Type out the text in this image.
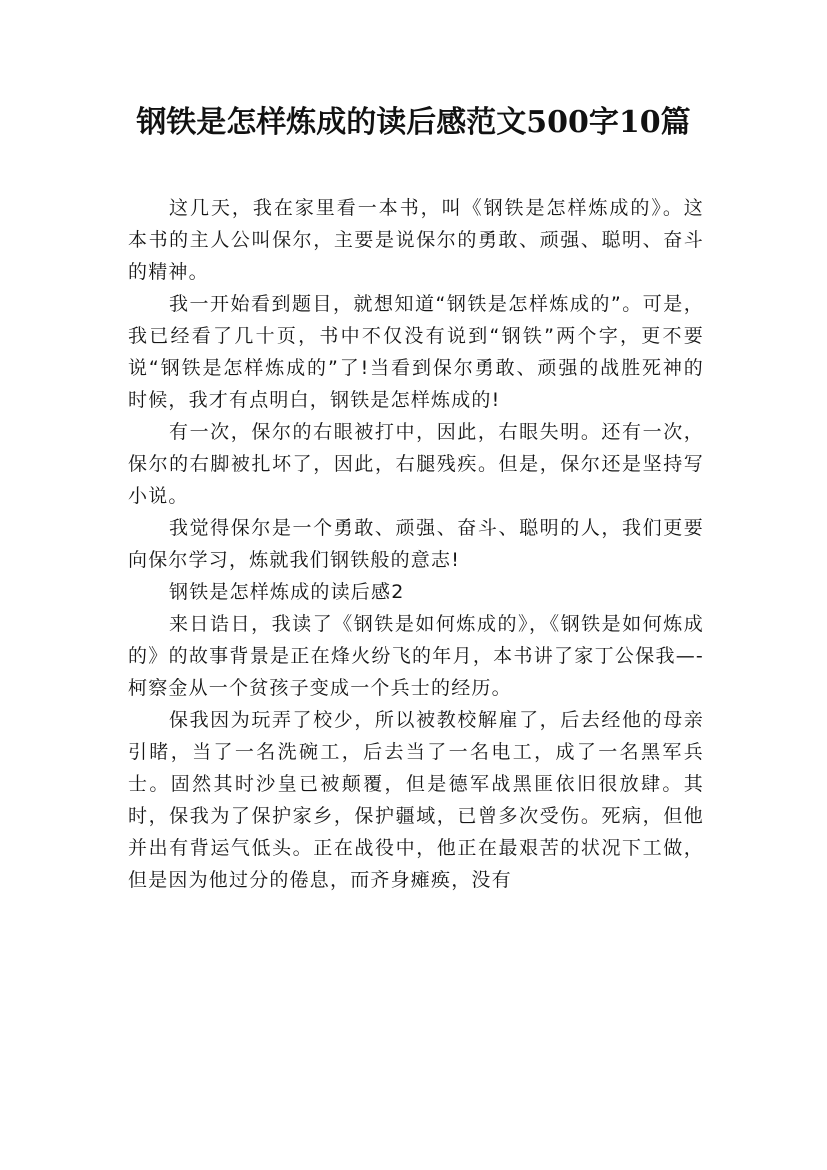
钢铁是怎样炼成的读后感范文500字10篇

这几天，我在家里看一本书，叫《钢铁是怎样炼成的》。这本书的主人公叫保尔，主要是说保尔的勇敢、顽强、聪明、奋斗的精神。

我一开始看到题目，就想知道“钢铁是怎样炼成的”。可是，我已经看了几十页，书中不仅没有说到“钢铁”两个字，更不要说“钢铁是怎样炼成的”了!当看到保尔勇敢、顽强的战胜死神的时候，我才有点明白，钢铁是怎样炼成的!

有一次，保尔的右眼被打中，因此，右眼失明。还有一次，保尔的右脚被扎坏了，因此，右腿残疾。但是，保尔还是坚持写小说。

我觉得保尔是一个勇敢、顽强、奋斗、聪明的人，我们更要向保尔学习，炼就我们钢铁般的意志!

钢铁是怎样炼成的读后感2

来日诰日，我读了《钢铁是如何炼成的》，《钢铁是如何炼成的》的故事背景是正在烽火纷飞的年月，本书讲了家丁公保我—-柯察金从一个贫孩子变成一个兵士的经历。

保我因为玩弄了校少，所以被教校解雇了，后去经他的母亲引睹，当了一名洗碗工，后去当了一名电工，成了一名黑军兵士。固然其时沙皇已被颠覆，但是德军战黑匪依旧很放肆。其时，保我为了保护家乡，保护疆域，已曾多次受伤。死病，但他并出有背运气低头。正在战役中，他正在最艰苦的状况下工做，但是因为他过分的倦息，而齐身瘫痪，没有
